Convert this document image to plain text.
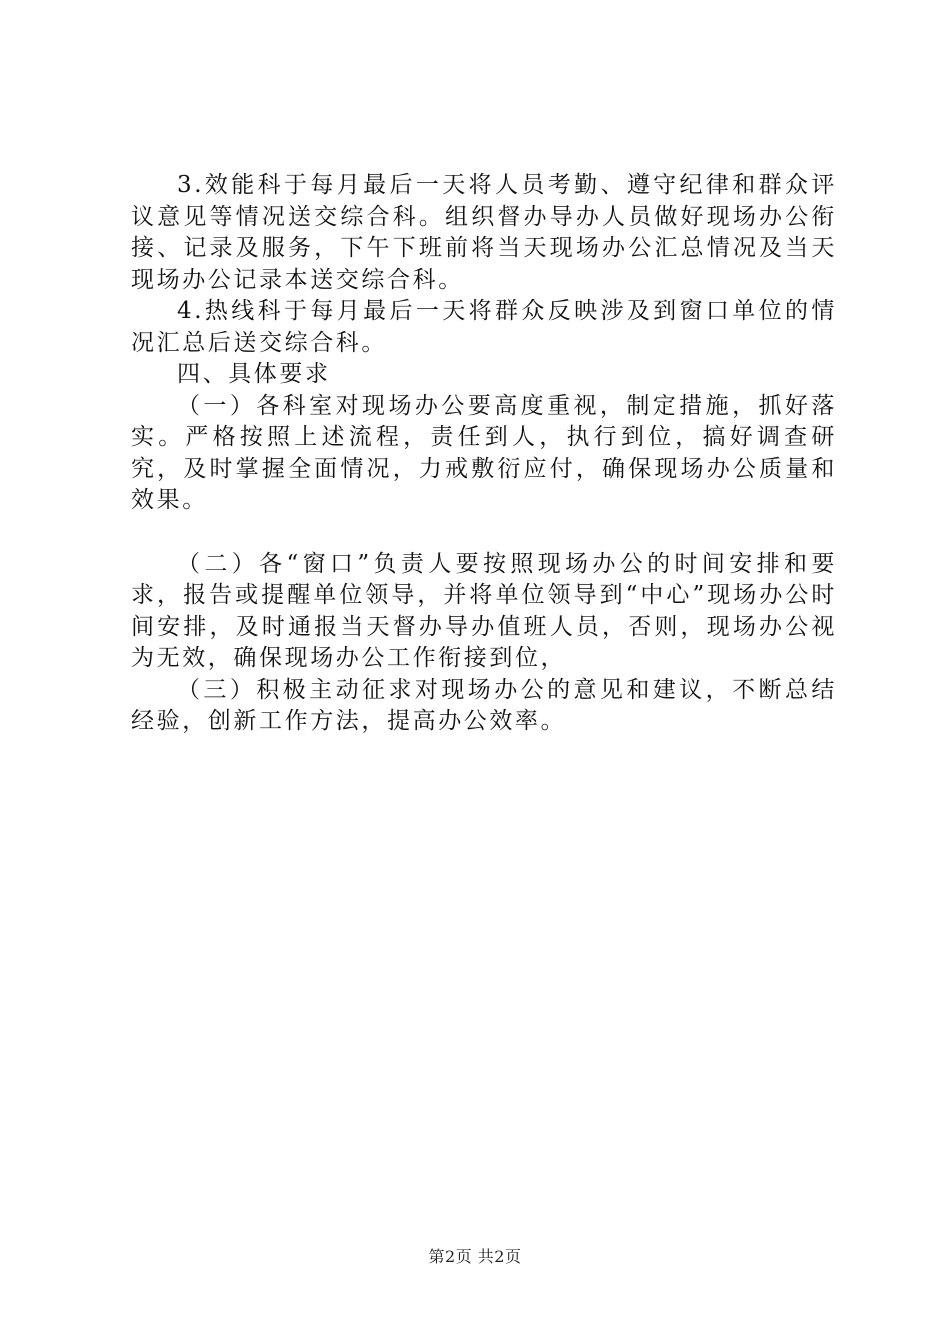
3.效能科于每月最后一天将人员考勤、遵守纪律和群众评议意见等情况送交综合科。组织督办导办人员做好现场办公衔接、记录及服务，下午下班前将当天现场办公汇总情况及当天现场办公记录本送交综合科。

4.热线科于每月最后一天将群众反映涉及到窗口单位的情况汇总后送交综合科。

四、具体要求

（一）各科室对现场办公要高度重视，制定措施，抓好落实。严格按照上述流程，责任到人，执行到位，搞好调查研究，及时掌握全面情况，力戒敷衍应付，确保现场办公质量和效果。

（二）各“窗口”负责人要按照现场办公的时间安排和要求，报告或提醒单位领导，并将单位领导到“中心”现场办公时间安排，及时通报当天督办导办值班人员，否则，现场办公视为无效，确保现场办公工作衔接到位，

（三）积极主动征求对现场办公的意见和建议，不断总结经验，创新工作方法，提高办公效率。

第2页 共2页
